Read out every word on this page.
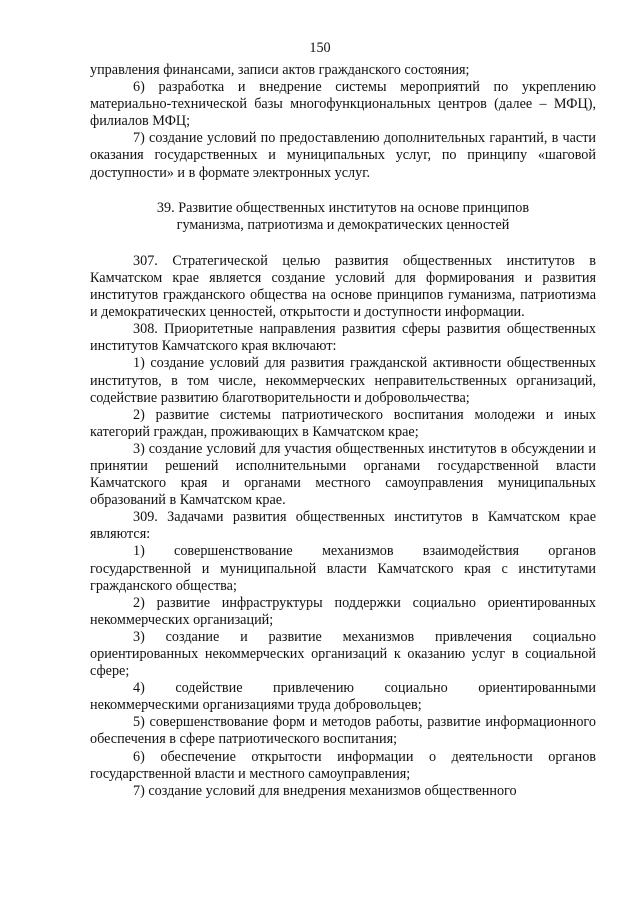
150

управления финансами, записи актов гражданского состояния;

6) разработка и внедрение системы мероприятий по укреплению материально-технической базы многофункциональных центров (далее – МФЦ), филиалов МФЦ;

7) создание условий по предоставлению дополнительных гарантий, в части оказания государственных и муниципальных услуг, по принципу «шаговой доступности» и в формате электронных услуг.

39. Развитие общественных институтов на основе принципов

гуманизма, патриотизма и демократических ценностей

307. Стратегической целью развития общественных институтов в Камчатском крае является создание условий для формирования и развития институтов гражданского общества на основе принципов гуманизма, патриотизма и демократических ценностей, открытости и доступности информации.

308. Приоритетные направления развития сферы развития общественных институтов Камчатского края включают:

1) создание условий для развития гражданской активности общественных институтов, в том числе, некоммерческих неправительственных организаций, содействие развитию благотворительности и добровольчества;

2) развитие системы патриотического воспитания молодежи и иных категорий граждан, проживающих в Камчатском крае;

3) создание условий для участия общественных институтов в обсуждении и принятии решений исполнительными органами государственной власти Камчатского края и органами местного самоуправления муниципальных образований в Камчатском крае.

309. Задачами развития общественных институтов в Камчатском крае являются:

1) совершенствование механизмов взаимодействия органов государственной и муниципальной власти Камчатского края с институтами гражданского общества;

2) развитие инфраструктуры поддержки социально ориентированных некоммерческих организаций;

3) создание и развитие механизмов привлечения социально ориентированных некоммерческих организаций к оказанию услуг в социальной сфере;

4) содействие привлечению социально ориентированными некоммерческими организациями труда добровольцев;

5) совершенствование форм и методов работы, развитие информационного обеспечения в сфере патриотического воспитания;

6) обеспечение открытости информации о деятельности органов государственной власти и местного самоуправления;

7) создание условий для внедрения механизмов общественного
